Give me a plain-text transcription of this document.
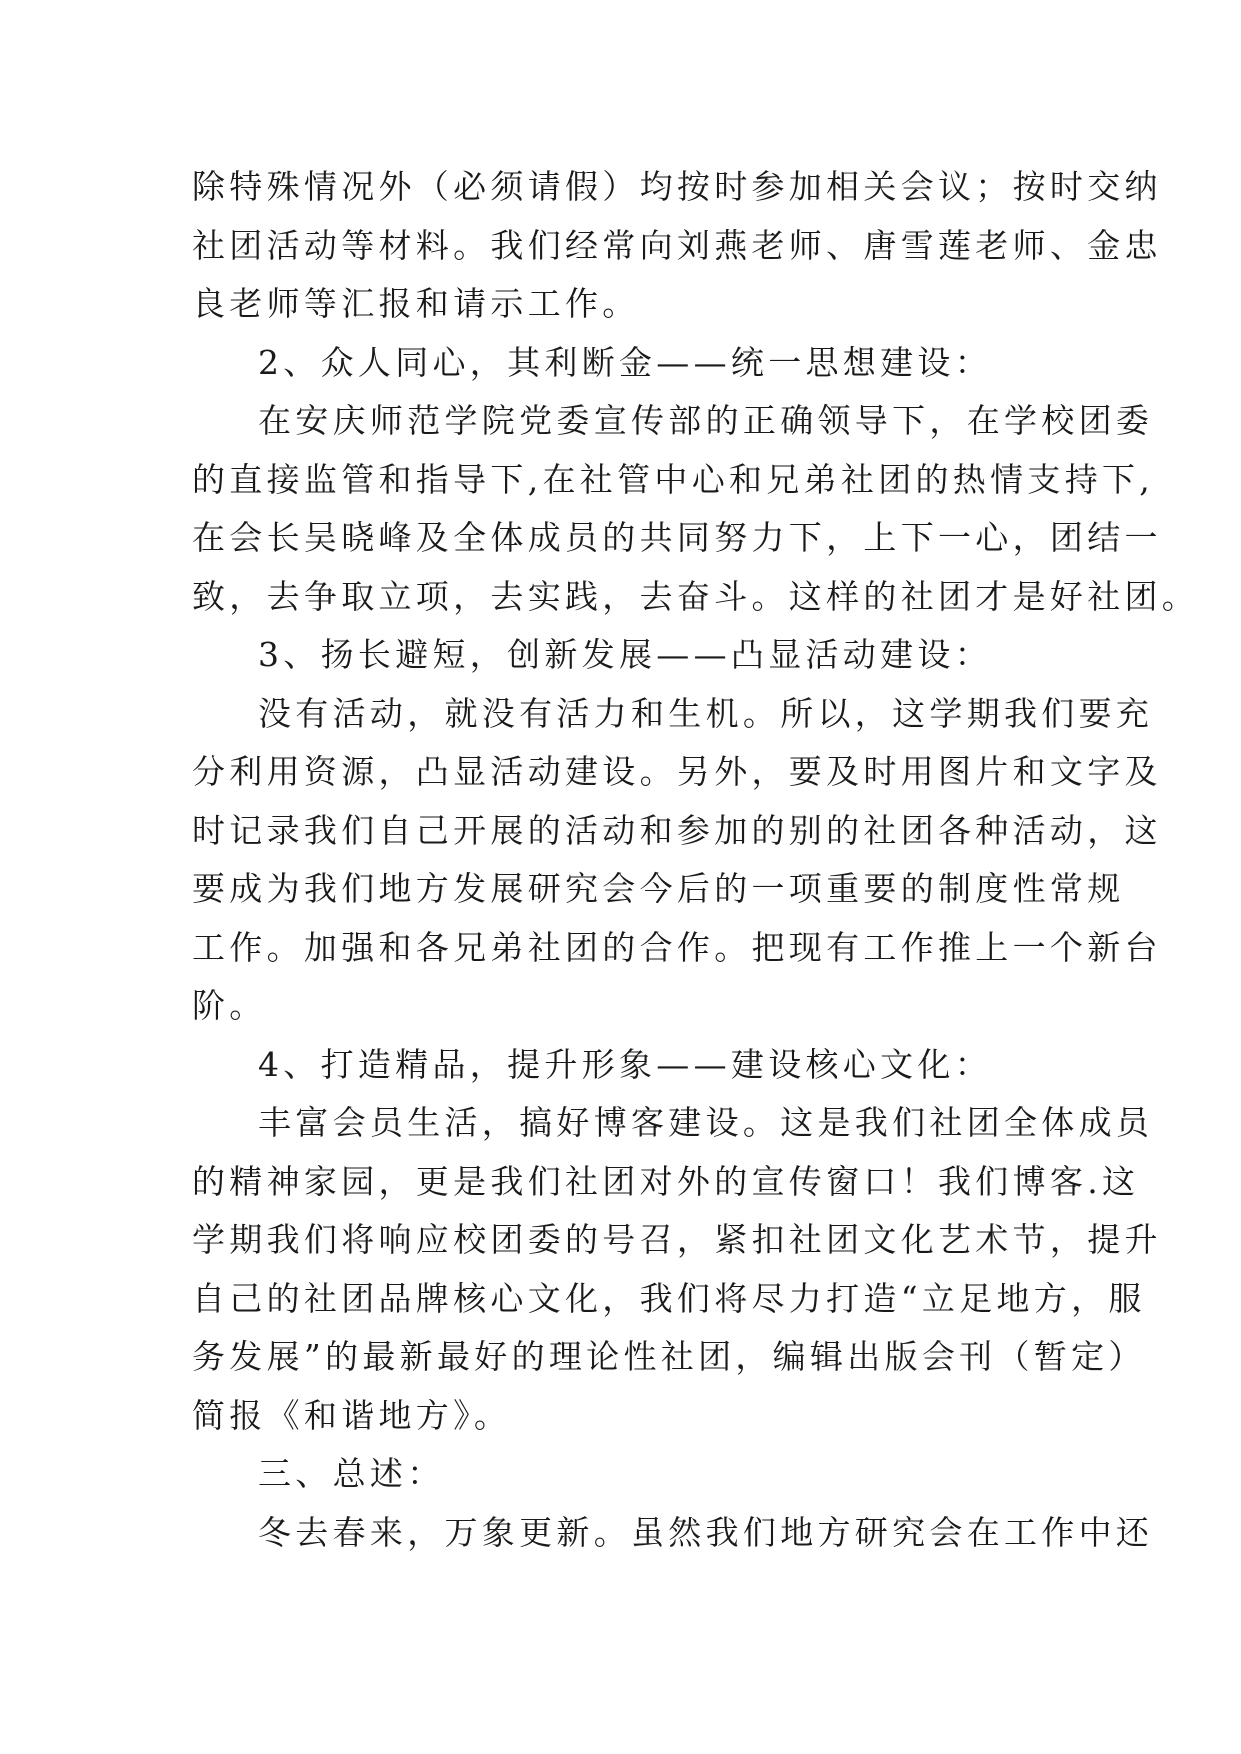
除特殊情况外（必须请假）均按时参加相关会议；按时交纳
社团活动等材料。我们经常向刘燕老师、唐雪莲老师、金忠
良老师等汇报和请示工作。
2、众人同心，其利断金——统一思想建设：
在安庆师范学院党委宣传部的正确领导下，在学校团委
的直接监管和指导下,在社管中心和兄弟社团的热情支持下,
在会长吴晓峰及全体成员的共同努力下，上下一心，团结一
致，去争取立项，去实践，去奋斗。这样的社团才是好社团。
3、扬长避短，创新发展——凸显活动建设：
没有活动，就没有活力和生机。所以，这学期我们要充
分利用资源，凸显活动建设。另外，要及时用图片和文字及
时记录我们自己开展的活动和参加的别的社团各种活动，这
要成为我们地方发展研究会今后的一项重要的制度性常规
工作。加强和各兄弟社团的合作。把现有工作推上一个新台
阶。
4、打造精品，提升形象——建设核心文化：
丰富会员生活，搞好博客建设。这是我们社团全体成员
的精神家园，更是我们社团对外的宣传窗口！我们博客.这
学期我们将响应校团委的号召，紧扣社团文化艺术节，提升
自己的社团品牌核心文化，我们将尽力打造“立足地方，服
务发展”的最新最好的理论性社团，编辑出版会刊（暂定）
简报《和谐地方》。
三、总述：
冬去春来，万象更新。虽然我们地方研究会在工作中还
